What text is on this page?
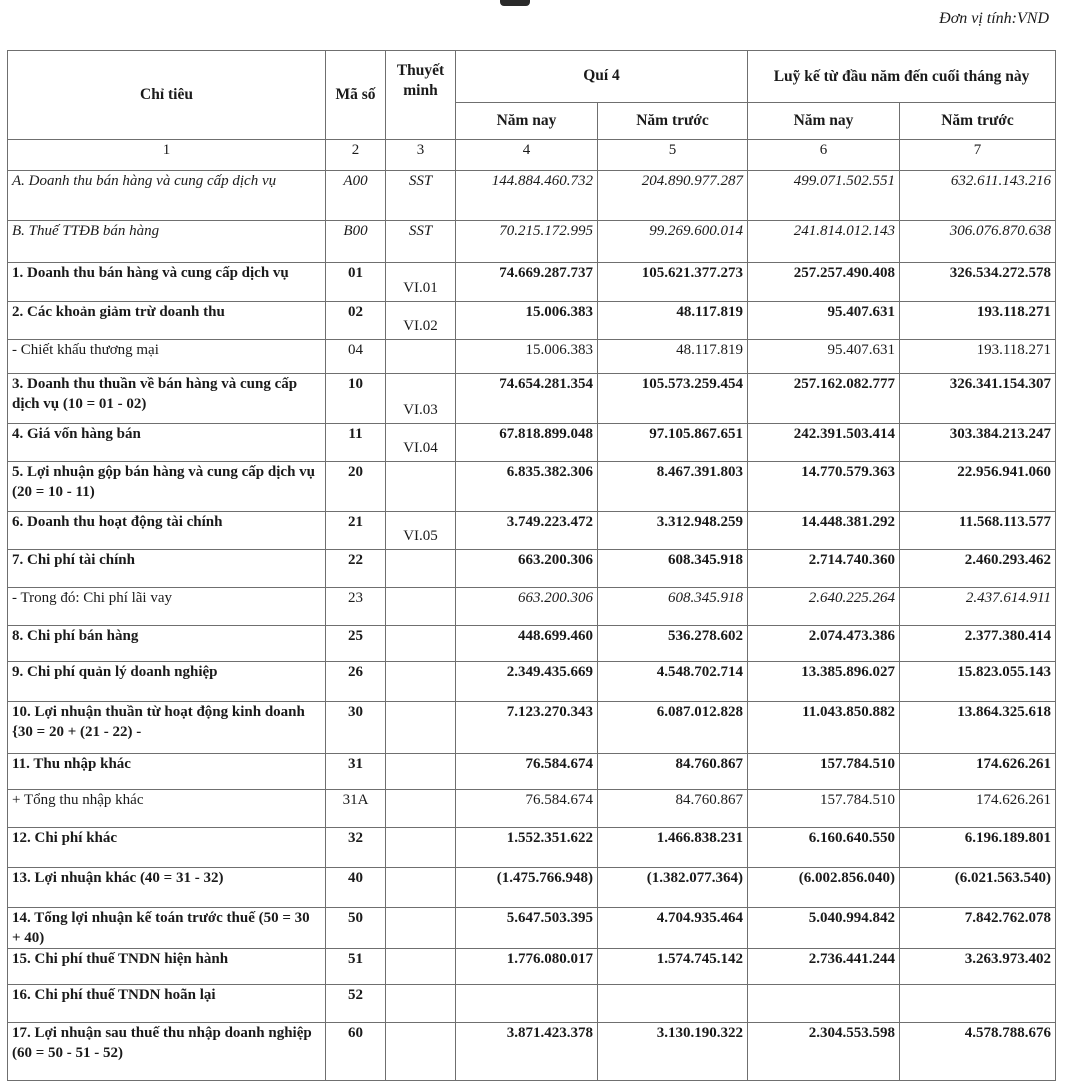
Đơn vị tính:VND
Chỉ tiêu	Mã số	Thuyết minh	Quí 4		Luỹ kế từ đầu năm đến cuối tháng này	
			Năm nay	Năm trước	Năm nay	Năm trước
1	2	3	4	5	6	7
A. Doanh thu bán hàng và cung cấp dịch vụ	A00	SST	144.884.460.732	204.890.977.287	499.071.502.551	632.611.143.216
B. Thuế TTĐB bán hàng	B00	SST	70.215.172.995	99.269.600.014	241.814.012.143	306.076.870.638

1. Doanh thu bán hàng và cung cấp dịch vụ	01	VI.01	74.669.287.737	105.621.377.273	257.257.490.408	326.534.272.578
2. Các khoản giảm trừ doanh thu	02	VI.02	15.006.383	48.117.819	95.407.631	193.118.271
- Chiết khấu thương mại	04		15.006.383	48.117.819	95.407.631	193.118.271
3. Doanh thu thuần về bán hàng và cung cấp dịch vụ (10 = 01 - 02)	10	VI.03	74.654.281.354	105.573.259.454	257.162.082.777	326.341.154.307
4. Giá vốn hàng bán	11	VI.04	67.818.899.048	97.105.867.651	242.391.503.414	303.384.213.247
5. Lợi nhuận gộp bán hàng và cung cấp dịch vụ (20 = 10 - 11)	20		6.835.382.306	8.467.391.803	14.770.579.363	22.956.941.060
6. Doanh thu hoạt động tài chính	21	VI.05	3.749.223.472	3.312.948.259	14.448.381.292	11.568.113.577
7. Chi phí tài chính	22		663.200.306	608.345.918	2.714.740.360	2.460.293.462
- Trong đó: Chi phí lãi vay	23		663.200.306	608.345.918	2.640.225.264	2.437.614.911
8. Chi phí bán hàng	25		448.699.460	536.278.602	2.074.473.386	2.377.380.414
9. Chi phí quản lý doanh nghiệp	26		2.349.435.669	4.548.702.714	13.385.896.027	15.823.055.143
10. Lợi nhuận thuần từ hoạt động kinh doanh {30 = 20 + (21 - 22) -	30		7.123.270.343	6.087.012.828	11.043.850.882	13.864.325.618
11. Thu nhập khác	31		76.584.674	84.760.867	157.784.510	174.626.261
+ Tổng thu nhập khác	31A		76.584.674	84.760.867	157.784.510	174.626.261
12. Chi phí khác	32		1.552.351.622	1.466.838.231	6.160.640.550	6.196.189.801
13. Lợi nhuận khác (40 = 31 - 32)	40		(1.475.766.948)	(1.382.077.364)	(6.002.856.040)	(6.021.563.540)

14. Tổng lợi nhuận kế toán trước thuế (50 = 30 + 40)	50		5.647.503.395	4.704.935.464	5.040.994.842	7.842.762.078
15. Chi phí thuế TNDN hiện hành	51		1.776.080.017	1.574.745.142	2.736.441.244	3.263.973.402
16. Chi phí thuế TNDN hoãn lại	52					
17. Lợi nhuận sau thuế thu nhập doanh nghiệp (60 = 50 - 51 - 52)	60		3.871.423.378	3.130.190.322	2.304.553.598	4.578.788.676
